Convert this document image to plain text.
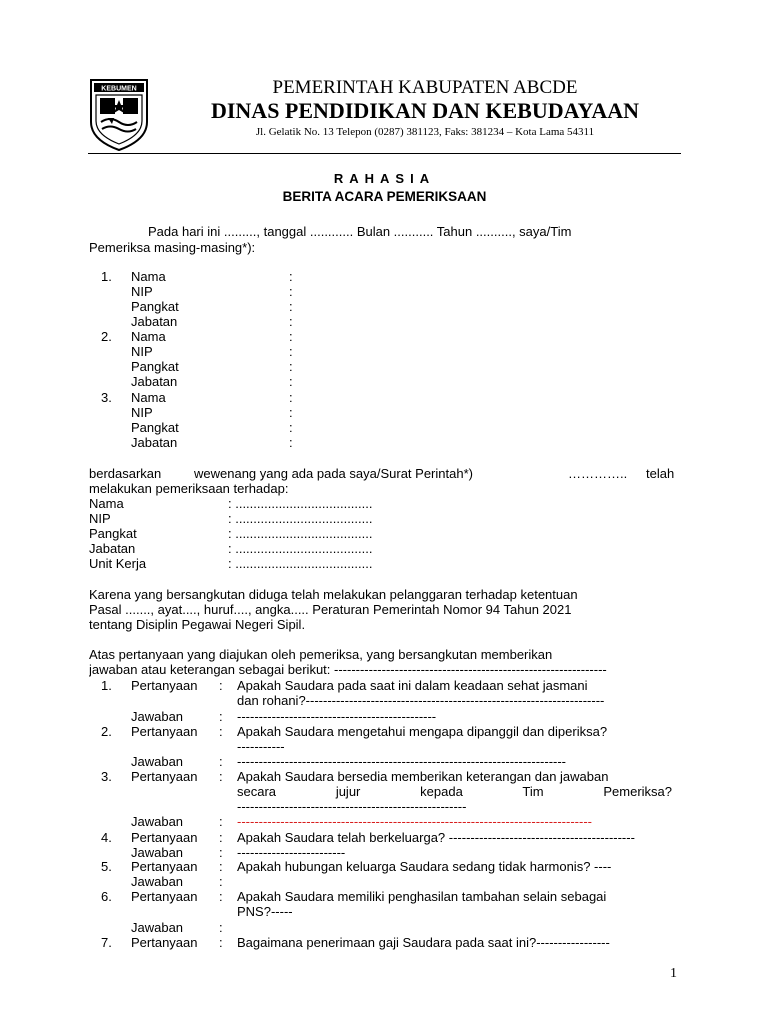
KEBUMEN	PEMERINTAH KABUPATEN ABCDE
DINAS PENDIDIKAN DAN KEBUDAYAAN
Jl. Gelatik No. 13 Telepon (0287) 381123, Faks: 381234 – Kota Lama 54311
RAHASIA
BERITA ACARA PEMERIKSAAN
Pada hari ini ........., tanggal ............ Bulan ........... Tahun .........., saya/Tim
Pemeriksa masing-masing*):
1. Nama	:
NIP	:
Pangkat	:
Jabatan	:
2. Nama	:
NIP	:
Pangkat	:
Jabatan	:
3. Nama	:
NIP	:
Pangkat	:
Jabatan	:
berdasarkan	wewenang yang ada pada saya/Surat Perintah*)	………….. telah
melakukan pemeriksaan terhadap:
Nama	: ......................................
NIP	: ......................................
Pangkat	: ......................................
Jabatan	: ......................................
Unit Kerja	: ......................................
Karena yang bersangkutan diduga telah melakukan pelanggaran terhadap ketentuan
Pasal ......., ayat...., huruf...., angka..... Peraturan Pemerintah Nomor 94 Tahun 2021
tentang Disiplin Pegawai Negeri Sipil.
Atas pertanyaan yang diajukan oleh pemeriksa, yang bersangkutan memberikan
jawaban atau keterangan sebagai berikut: ---------------------------------------------------------------
1. Pertanyaan : Apakah Saudara pada saat ini dalam keadaan sehat jasmani
dan rohani?---------------------------------------------------------------------
Jawaban	: ----------------------------------------------
2. Pertanyaan : Apakah Saudara mengetahui mengapa dipanggil dan diperiksa?
-----------
Jawaban	: ----------------------------------------------------------------------------
3. Pertanyaan : Apakah Saudara bersedia memberikan keterangan dan jawaban
secara jujur kepada Tim Pemeriksa?
-----------------------------------------------------
Jawaban	: ----------------------------------------------------------------------------------
4. Pertanyaan : Apakah Saudara telah berkeluarga? -------------------------------------------
Jawaban	: -------------------------
5. Pertanyaan : Apakah hubungan keluarga Saudara sedang tidak harmonis? ----
Jawaban	:
6. Pertanyaan : Apakah Saudara memiliki penghasilan tambahan selain sebagai
PNS?-----
Jawaban	:
7. Pertanyaan : Bagaimana penerimaan gaji Saudara pada saat ini?-----------------
1
